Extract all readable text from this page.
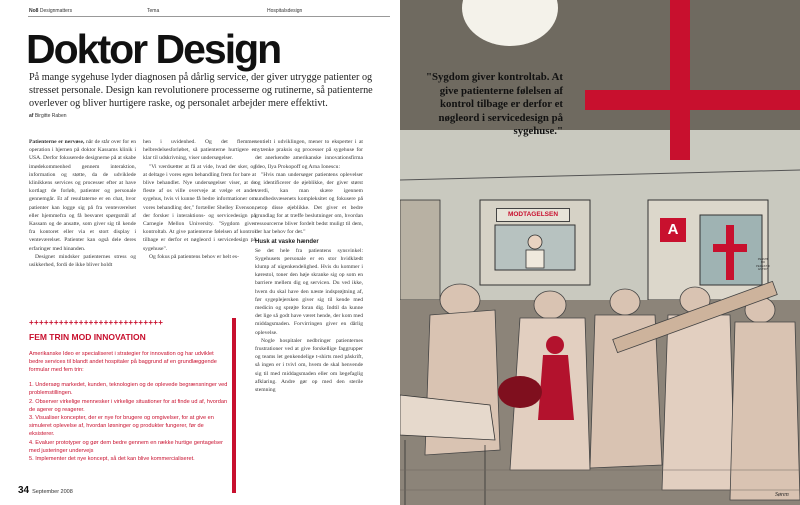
No8 Designmatters	Tema	Hospitalsdesign
Doktor Design

På mange sygehuse lyder diagnosen på dårlig service, der giver utrygge patienter og stresset personale. Design kan revolutionere processerne og rutinerne, så patienterne overlever og bliver hurtigere raske, og personalet arbejder mere effektivt.

af Birgitte Raben

Patienterne er nervøse, når de står over for en operation i hjernen på doktor Kassams klinik i USA. Derfor fokuserede designerne på at skabe imødekommenhed gennem interaktion, information og støtte, da de udviklede klinikkens services og processer efter at have kortlagt de forløb, patienter og personale gennemgår. Et af resultaterne er en chat, hvor patienter kan logge sig på fra venteværelset eller hjemmefra og få besvaret spørgsmål af Kassam og de ansatte, som giver sig til kende fra kontoret eller via et stort display i venteværelset. Patienter kan også dele deres erfaringer med hinanden.

Designet mindsker patienternes stress og usikkerhed, fordi de ikke bliver holdt

hen i uvidenhed. Og det flemmer helbredelsesforløbet, så patienterne hurtigere er klar til udskrivning, viser undersøgelser.

"Vi værdsætter at få at vide, hvad der sker, og at deltage i vores egen behandling frem for bare at blive behandlet. Nye undersøgelser viser, at de fleste af os ville overveje at vælge et andet sygehus, hvis vi kunne få bedre informationer om vores behandling der," fortæller Shelley Evenson, der forsker i interaktions- og servicedesign på Carnegie Mellon University. "Sygdom giver kontroltab. At give patienterne følelsen af kontrol tilbage er derfor et nøgleord i servicedesign på sygehuse".

Og fokus på patientens behov er helt es-

sentielt i udviklingen, mener to eksperter i at nytænke praksis og processer på sygehuse for det anerkendte amerikanske innovationsfirma Ideo, Ilya Prokopoff og Arna Ionescu:

"Hvis man undersøger patientens oplevelser og identificerer de øjeblikke, der giver størst værdi, kan man skære igennem sundhedsvæsenets kompleksitet og fokusere på netop disse øjeblikke. Det giver et bedre grundlag for at træffe beslutninger om, hvordan ressourcerne bliver fordelt bedst muligt til dem, der har behov for det."

Husk at vaske hænder

Se det hele fra patientens synsvinkel: Sygehusets personale er en stor hvidklædt klump af uigenkendelighed. Hvis du kommer i kørestol, toner den høje skranke sig op som en barriere mellem dig og servicen. Du ved ikke, hvem du skal have den næste indsprøjtning af, før sygeplejersken giver sig til kende med medicin og sprøjte foran dig. Indtil da kunne det lige så godt have været hende, der kom med middagsmaden. Forvirringen giver en dårlig oplevelse.

Nogle hospitaler nedbringer patienternes frustrationer ved at give forskellige faggrupper og teams let genkendelige t-shirts med påskrift, så ingen er i tvivl om, hvem de skal henvende sig til med middagsmaden eller om lægefaglig afklaring. Andre gør op med den sterile stemning

+++++++++++++++++++++++++++
FEM TRIN MOD INNOVATION

Amerikanske Ideo er specialiseret i strategier for innovation og har udviklet bedre services til blandt andet hospitaler på baggrund af en grundlæggende formular med fem trin:

1. Undersøg markedet, kunden, teknologien og de oplevede begrænsninger ved problemstillingen.
2. Observer virkelige mennesker i virkelige situationer for at finde ud af, hvordan de agerer og reagerer.
3. Visualiser koncepter, der er nye for brugere og omgivelser, for at give en simuleret oplevelse af, hvordan løsninger og produkter fungerer, før de eksisterer.
4. Evaluer prototyper og gør dem bedre gennem en række hurtige gentagelser med justeringer undervejs
5. Implementer det nye koncept, så det kan blive kommercialiseret.
34 September 2008

"Sygdom giver kontroltab. At give patienterne følelsen af kontrol tilbage er derfor et nøgleord i servicedesign på sygehuse."

MODTAGELSEN
A
PERMIT
NO
PEDESTRI
ENTRY
Søren
